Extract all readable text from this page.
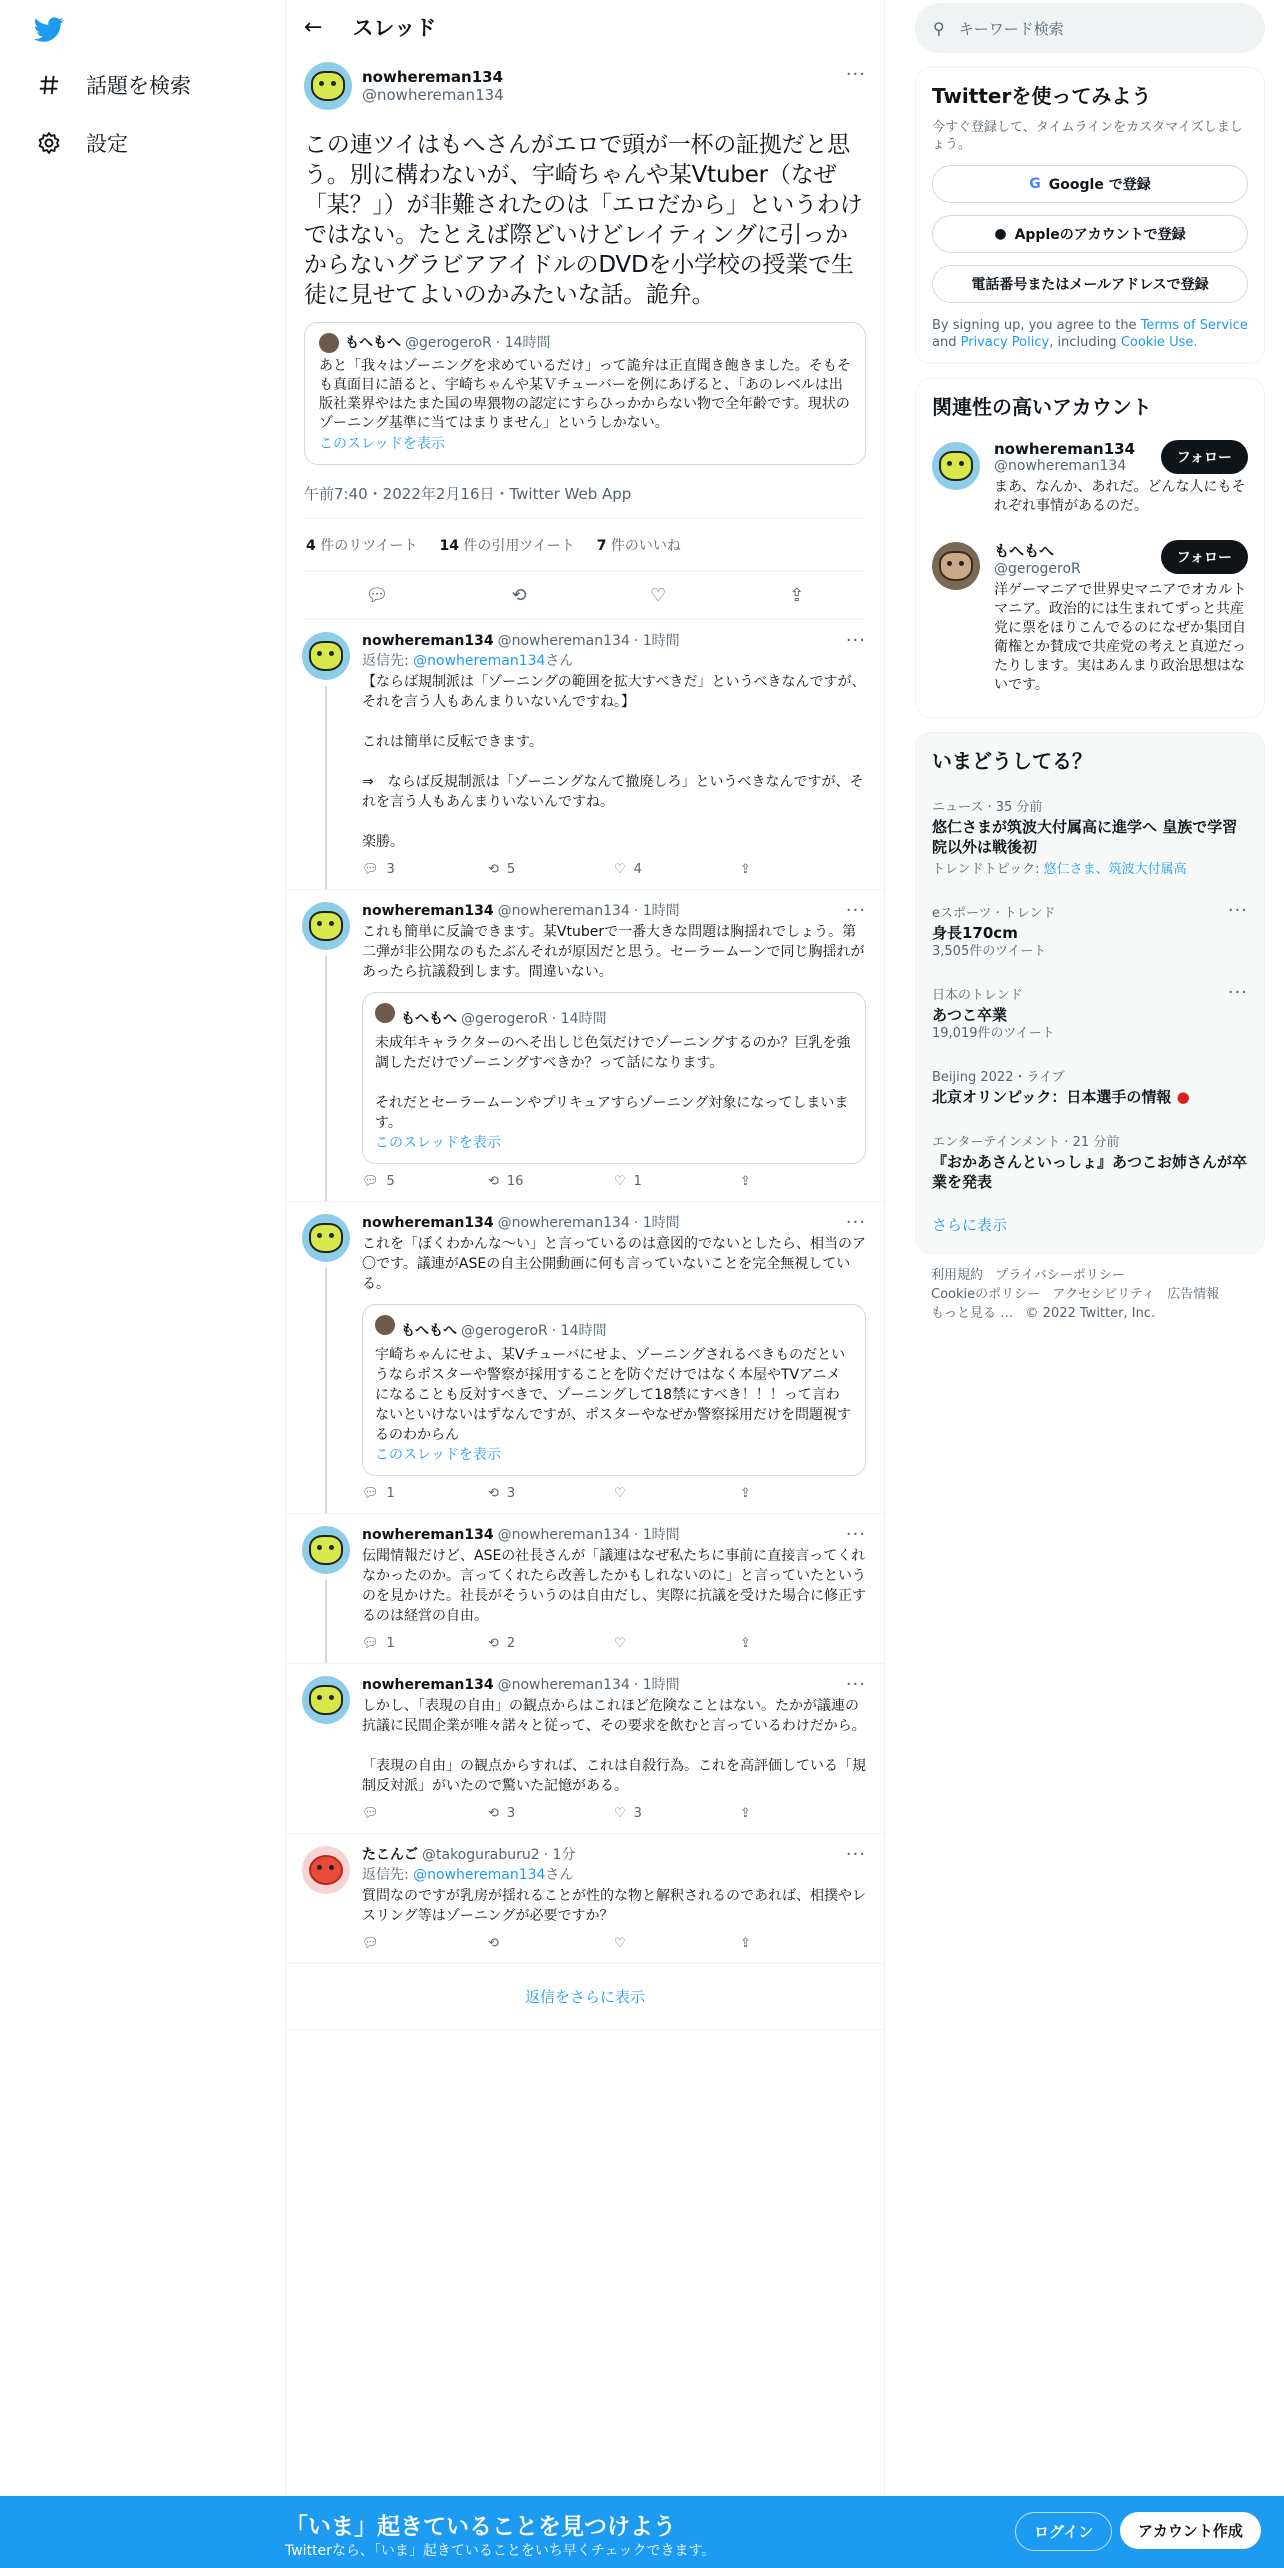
話題を検索
設定
← スレッド
nowhereman134
@nowhereman134
···
この連ツイはもへさんがエロで頭が一杯の証拠だと思う。別に構わないが、宇崎ちゃんや某Vtuber（なぜ「某？」）が非難されたのは「エロだから」というわけではない。たとえば際どいけどレイティングに引っかからないグラビアアイドルのDVDを小学校の授業で生徒に見せてよいのかみたいな話。詭弁。
もへもへ @gerogeroR · 14時間
あと「我々はゾーニングを求めているだけ」って詭弁は正直聞き飽きました。そもそも真面目に語ると、宇崎ちゃんや某Ｖチューバーを例にあげると、「あのレベルは出版社業界やはたまた国の卑猥物の認定にすらひっかからない物で全年齢です。現状のゾーニング基準に当てはまりません」というしかない。
このスレッドを表示
午前7:40・2022年2月16日・Twitter Web App
4 件のリツイート 14 件の引用ツイート 7 件のいいね
💬︎	⟲	♡	⇪
···
nowhereman134 @nowhereman134 · 1時間
返信先: @nowhereman134さん
【ならば規制派は「ゾーニングの範囲を拡大すべきだ」というべきなんですが、それを言う人もあんまりいないんですね。】

これは簡単に反転できます。

⇒　ならば反規制派は「ゾーニングなんて撤廃しろ」というべきなんですが、それを言う人もあんまりいないんですね。

楽勝。
💬︎ 3	⟲ 5	♡ 4	⇪
···
nowhereman134 @nowhereman134 · 1時間
これも簡単に反論できます。某Vtuberで一番大きな問題は胸揺れでしょう。第二弾が非公開なのもたぶんそれが原因だと思う。セーラームーンで同じ胸揺れがあったら抗議殺到します。間違いない。
もへもへ @gerogeroR · 14時間
未成年キャラクターのへそ出しじ色気だけでゾーニングするのか？巨乳を強調しただけでゾーニングすべきか？って話になります。

それだとセーラームーンやプリキュアすらゾーニング対象になってしまいます。
このスレッドを表示
💬︎ 5	⟲ 16	♡ 1	⇪
···
nowhereman134 @nowhereman134 · 1時間
これを「ぼくわかんな～い」と言っているのは意図的でないとしたら、相当のア〇です。議連がASEの自主公開動画に何も言っていないことを完全無視している。
もへもへ @gerogeroR · 14時間
宇崎ちゃんにせよ、某Vチューバにせよ、ゾーニングされるべきものだというならポスターや警察が採用することを防ぐだけではなく本屋やTVアニメになることも反対すべきで、ゾーニングして18禁にすべき！！！って言わないといけないはずなんですが、ポスターやなぜか警察採用だけを問題視するのわからん
このスレッドを表示
💬︎ 1	⟲ 3	♡	⇪
···
nowhereman134 @nowhereman134 · 1時間
伝聞情報だけど、ASEの社長さんが「議連はなぜ私たちに事前に直接言ってくれなかったのか。言ってくれたら改善したかもしれないのに」と言っていたというのを見かけた。社長がそういうのは自由だし、実際に抗議を受けた場合に修正するのは経営の自由。
💬︎ 1	⟲ 2	♡	⇪
···
nowhereman134 @nowhereman134 · 1時間
しかし、「表現の自由」の観点からはこれほど危険なことはない。たかが議連の抗議に民間企業が唯々諾々と従って、その要求を飲むと言っているわけだから。

「表現の自由」の観点からすれば、これは自殺行為。これを高評価している「規制反対派」がいたので驚いた記憶がある。
💬︎	⟲ 3	♡ 3	⇪
···
たこんご @takoguraburu2 · 1分
返信先: @nowhereman134さん
質問なのですが乳房が揺れることが性的な物と解釈されるのであれば、相撲やレスリング等はゾーニングが必要ですか？
💬︎	⟲	♡	⇪
返信をさらに表示
⚲ キーワード検索
Twitterを使ってみよう
今すぐ登録して、タイムラインをカスタマイズしましょう。
G Google で登録
● Appleのアカウントで登録
電話番号またはメールアドレスで登録
By signing up, you agree to the Terms of Service and Privacy Policy, including Cookie Use.
関連性の高いアカウント
nowhereman134
@nowhereman134
まあ、なんか、あれだ。どんな人にもそれぞれ事情があるのだ。
フォロー
もへもへ
@gerogeroR
洋ゲーマニアで世界史マニアでオカルトマニア。政治的には生まれてずっと共産党に票をほりこんでるのになぜか集団自衛権とか賛成で共産党の考えと真逆だったりします。実はあんまり政治思想はないです。
フォロー
いまどうしてる？
ニュース · 35 分前
悠仁さまが筑波大付属高に進学へ 皇族で学習院以外は戦後初
トレンドトピック: 悠仁さま、筑波大付属高
···
eスポーツ · トレンド
身長170cm
3,505件のツイート
···
日本のトレンド
あつこ卒業
19,019件のツイート
Beijing 2022・ライブ
北京オリンピック：日本選手の情報 ●
エンターテインメント · 21 分前
『おかあさんといっしょ』あつこお姉さんが卒業を発表
さらに表示
利用規約 プライバシーポリシー
Cookieのポリシー アクセシビリティ 広告情報
もっと見る … © 2022 Twitter, Inc.
「いま」起きていることを見つけよう
Twitterなら、「いま」起きていることをいち早くチェックできます。
ログイン	アカウント作成
